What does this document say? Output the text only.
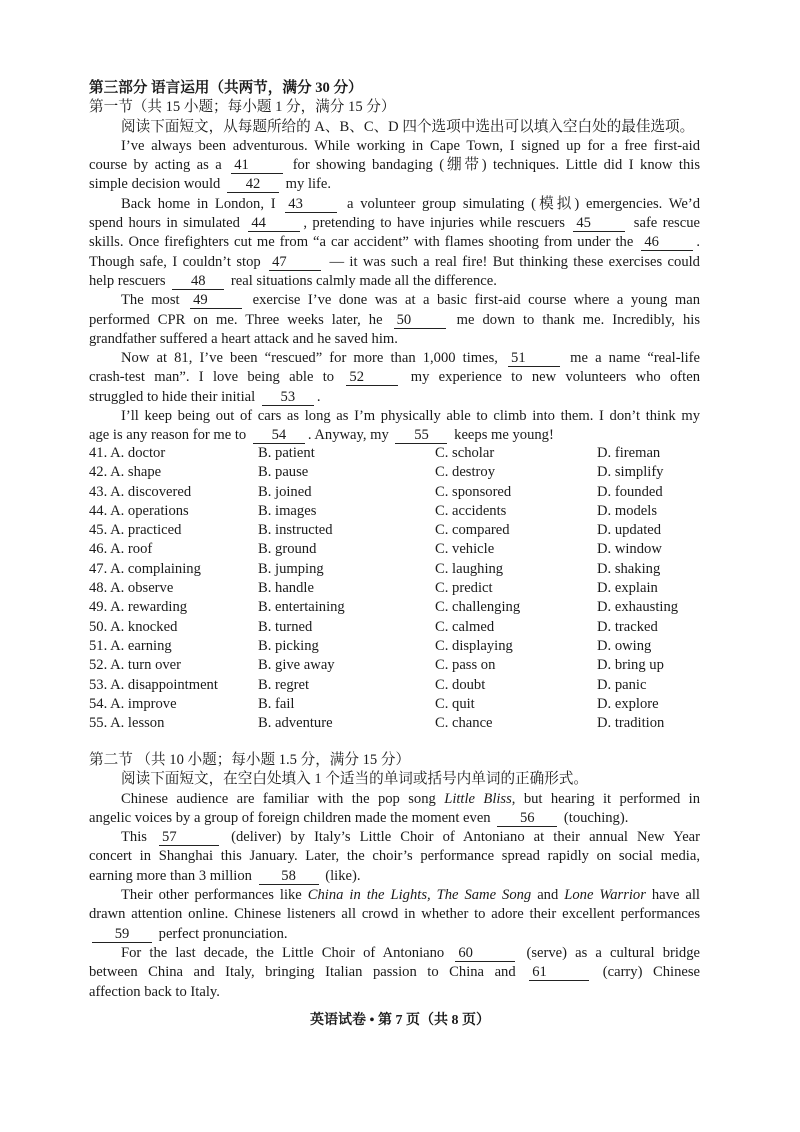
第三部分 语言运用（共两节，满分 30 分）
第一节（共 15 小题；每小题 1 分，满分 15 分）
阅读下面短文，从每题所给的 A、B、C、D 四个选项中选出可以填入空白处的最佳选项。
I’ve always been adventurous. While working in Cape Town, I signed up for a free first-aid
course by acting as a 41	for showing bandaging (绷带) techniques. Little did I know this
simple decision would 42 my life.
Back home in London, I 43	a volunteer group simulating (模拟) emergencies. We’d
spend hours in simulated 44	, pretending to have injuries while rescuers 45	safe rescue
skills. Once firefighters cut me from “a car accident” with flames shooting from under the 46	.
Though safe, I couldn’t stop 47	— it was such a real fire! But thinking these exercises could
help rescuers 48 real situations calmly made all the difference.
The most 49	exercise I’ve done was at a basic first-aid course where a young man
performed CPR on me. Three weeks later, he 50	me down to thank me. Incredibly, his
grandfather suffered a heart attack and he saved him.
Now at 81, I’ve been “rescued” for more than 1,000 times, 51	me a name “real-life
crash-test man”. I love being able to 52	my experience to new volunteers who often
struggled to hide their initial 53 .
I’ll keep being out of cars as long as I’m physically able to climb into them. I don’t think my
age is any reason for me to 54 . Anyway, my 55 keeps me young!
41. A. doctor	B. patient	C. scholar	D. fireman
42. A. shape	B. pause	C. destroy	D. simplify
43. A. discovered	B. joined	C. sponsored	D. founded
44. A. operations	B. images	C. accidents	D. models
45. A. practiced	B. instructed	C. compared	D. updated
46. A. roof	B. ground	C. vehicle	D. window
47. A. complaining	B. jumping	C. laughing	D. shaking
48. A. observe	B. handle	C. predict	D. explain
49. A. rewarding	B. entertaining	C. challenging	D. exhausting
50. A. knocked	B. turned	C. calmed	D. tracked
51. A. earning	B. picking	C. displaying	D. owing
52. A. turn over	B. give away	C. pass on	D. bring up
53. A. disappointment	B. regret	C. doubt	D. panic
54. A. improve	B. fail	C. quit	D. explore
55. A. lesson	B. adventure	C. chance	D. tradition
第二节 （共 10 小题；每小题 1.5 分，满分 15 分）
阅读下面短文，在空白处填入 1 个适当的单词或括号内单词的正确形式。
Chinese audience are familiar with the pop song Little Bliss, but hearing it performed in
angelic voices by a group of foreign children made the moment even 56 (touching).
This 57	(deliver) by Italy’s Little Choir of Antoniano at their annual New Year
concert in Shanghai this January. Later, the choir’s performance spread rapidly on social media,
earning more than 3 million 58 (like).
Their other performances like China in the Lights, The Same Song and Lone Warrior have all
drawn attention online. Chinese listeners all crowd in whether to adore their excellent performances
59 perfect pronunciation.
For the last decade, the Little Choir of Antoniano 60	(serve) as a cultural bridge
between China and Italy, bringing Italian passion to China and 61	(carry) Chinese
affection back to Italy.
英语试卷 • 第 7 页（共 8 页）
